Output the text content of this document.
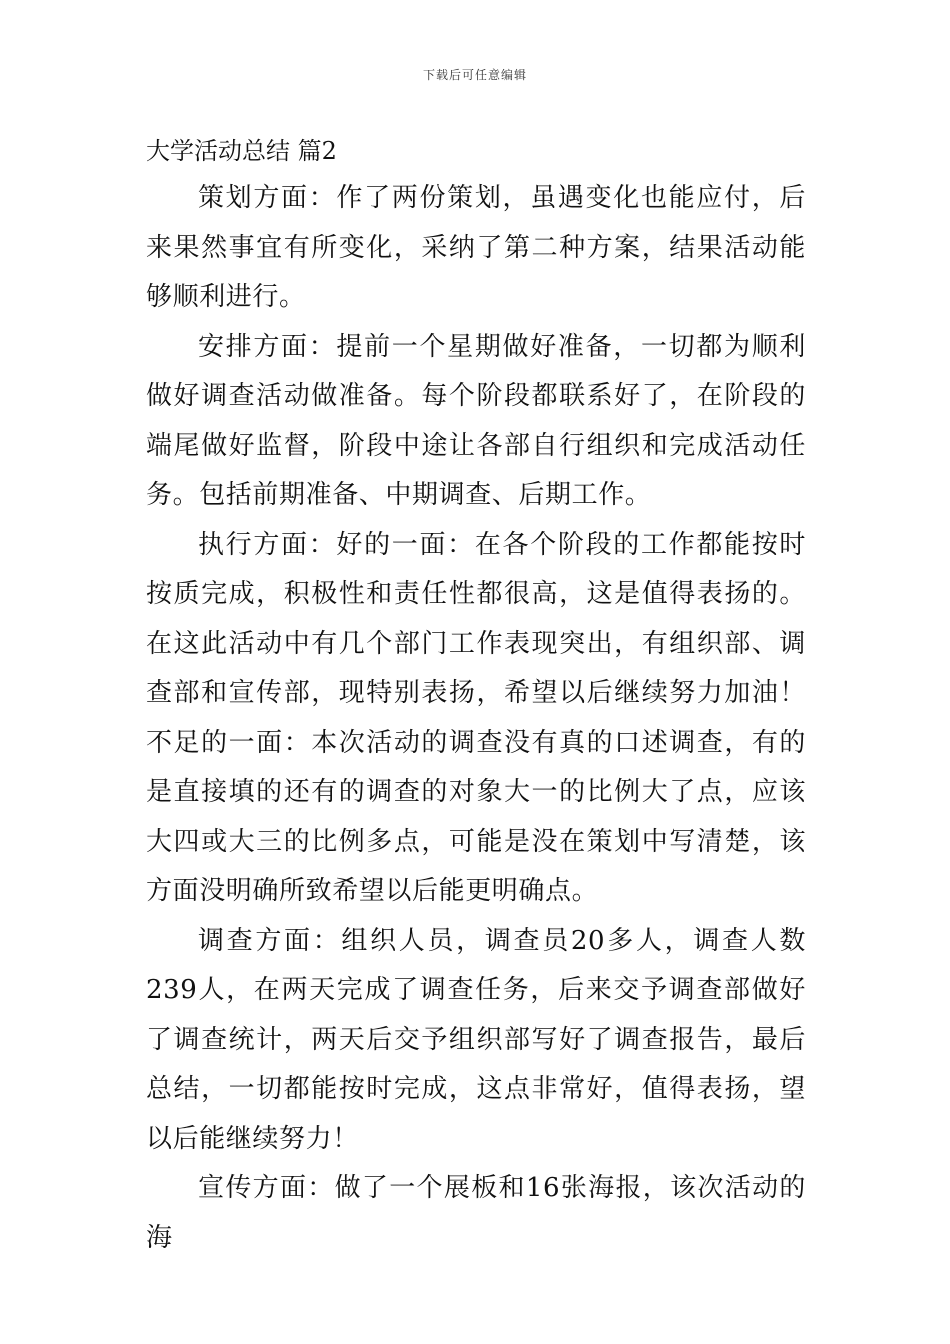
下载后可任意编辑
大学活动总结 篇2

策划方面：作了两份策划，虽遇变化也能应付，后来果然事宜有所变化，采纳了第二种方案，结果活动能够顺利进行。

安排方面：提前一个星期做好准备，一切都为顺利做好调查活动做准备。每个阶段都联系好了，在阶段的端尾做好监督，阶段中途让各部自行组织和完成活动任务。包括前期准备、中期调查、后期工作。

执行方面：好的一面：在各个阶段的工作都能按时按质完成，积极性和责任性都很高，这是值得表扬的。在这此活动中有几个部门工作表现突出，有组织部、调查部和宣传部，现特别表扬，希望以后继续努力加油！不足的一面：本次活动的调查没有真的口述调查，有的是直接填的还有的调查的对象大一的比例大了点，应该大四或大三的比例多点，可能是没在策划中写清楚，该方面没明确所致希望以后能更明确点。

调查方面：组织人员，调查员20多人，调查人数239人，在两天完成了调查任务，后来交予调查部做好了调查统计，两天后交予组织部写好了调查报告，最后总结，一切都能按时完成，这点非常好，值得表扬，望以后能继续努力！

宣传方面：做了一个展板和16张海报，该次活动的海
